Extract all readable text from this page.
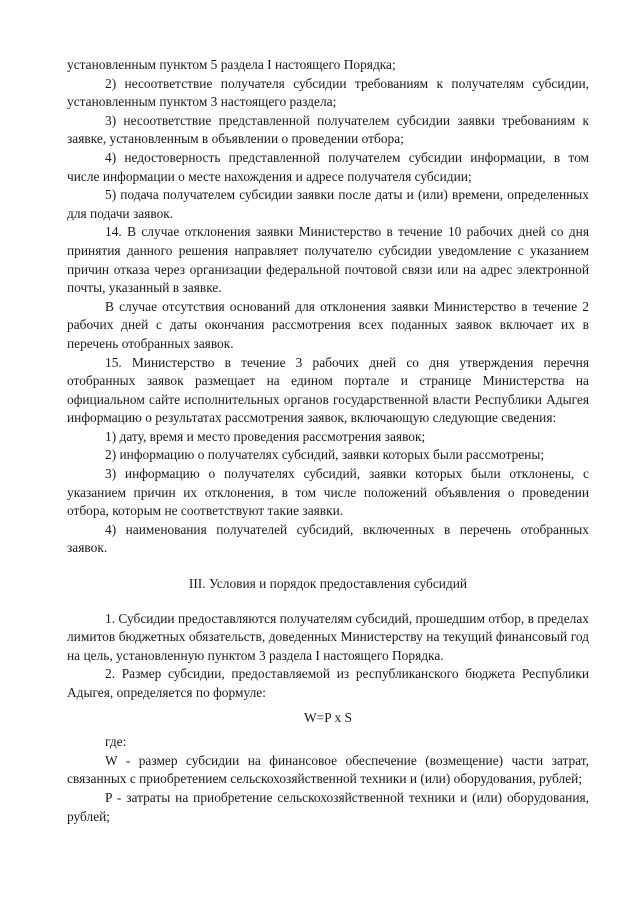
установленным пунктом 5 раздела I настоящего Порядка;

2) несоответствие получателя субсидии требованиям к получателям субсидии, установленным пунктом 3 настоящего раздела;

3) несоответствие представленной получателем субсидии заявки требованиям к заявке, установленным в объявлении о проведении отбора;

4) недостоверность представленной получателем субсидии информации, в том числе информации о месте нахождения и адресе получателя субсидии;

5) подача получателем субсидии заявки после даты и (или) времени, определенных для подачи заявок.

14. В случае отклонения заявки Министерство в течение 10 рабочих дней со дня принятия данного решения направляет получателю субсидии уведомление с указанием причин отказа через организации федеральной почтовой связи или на адрес электронной почты, указанный в заявке.

В случае отсутствия оснований для отклонения заявки Министерство в течение 2 рабочих дней с даты окончания рассмотрения всех поданных заявок включает их в перечень отобранных заявок.

15. Министерство в течение 3 рабочих дней со дня утверждения перечня отобранных заявок размещает на едином портале и странице Министерства на официальном сайте исполнительных органов государственной власти Республики Адыгея информацию о результатах рассмотрения заявок, включающую следующие сведения:

1) дату, время и место проведения рассмотрения заявок;

2) информацию о получателях субсидий, заявки которых были рассмотрены;

3) информацию о получателях субсидий, заявки которых были отклонены, с указанием причин их отклонения, в том числе положений объявления о проведении отбора, которым не соответствуют такие заявки.

4) наименования получателей субсидий, включенных в перечень отобранных заявок.

III. Условия и порядок предоставления субсидий

1. Субсидии предоставляются получателям субсидий, прошедшим отбор, в пределах лимитов бюджетных обязательств, доведенных Министерству на текущий финансовый год на цель, установленную пунктом 3 раздела I настоящего Порядка.

2. Размер субсидии, предоставляемой из республиканского бюджета Республики Адыгея, определяется по формуле:

W=P x S

где:

W - размер субсидии на финансовое обеспечение (возмещение) части затрат, связанных с приобретением сельскохозяйственной техники и (или) оборудования, рублей;

P - затраты на приобретение сельскохозяйственной техники и (или) оборудования, рублей;
